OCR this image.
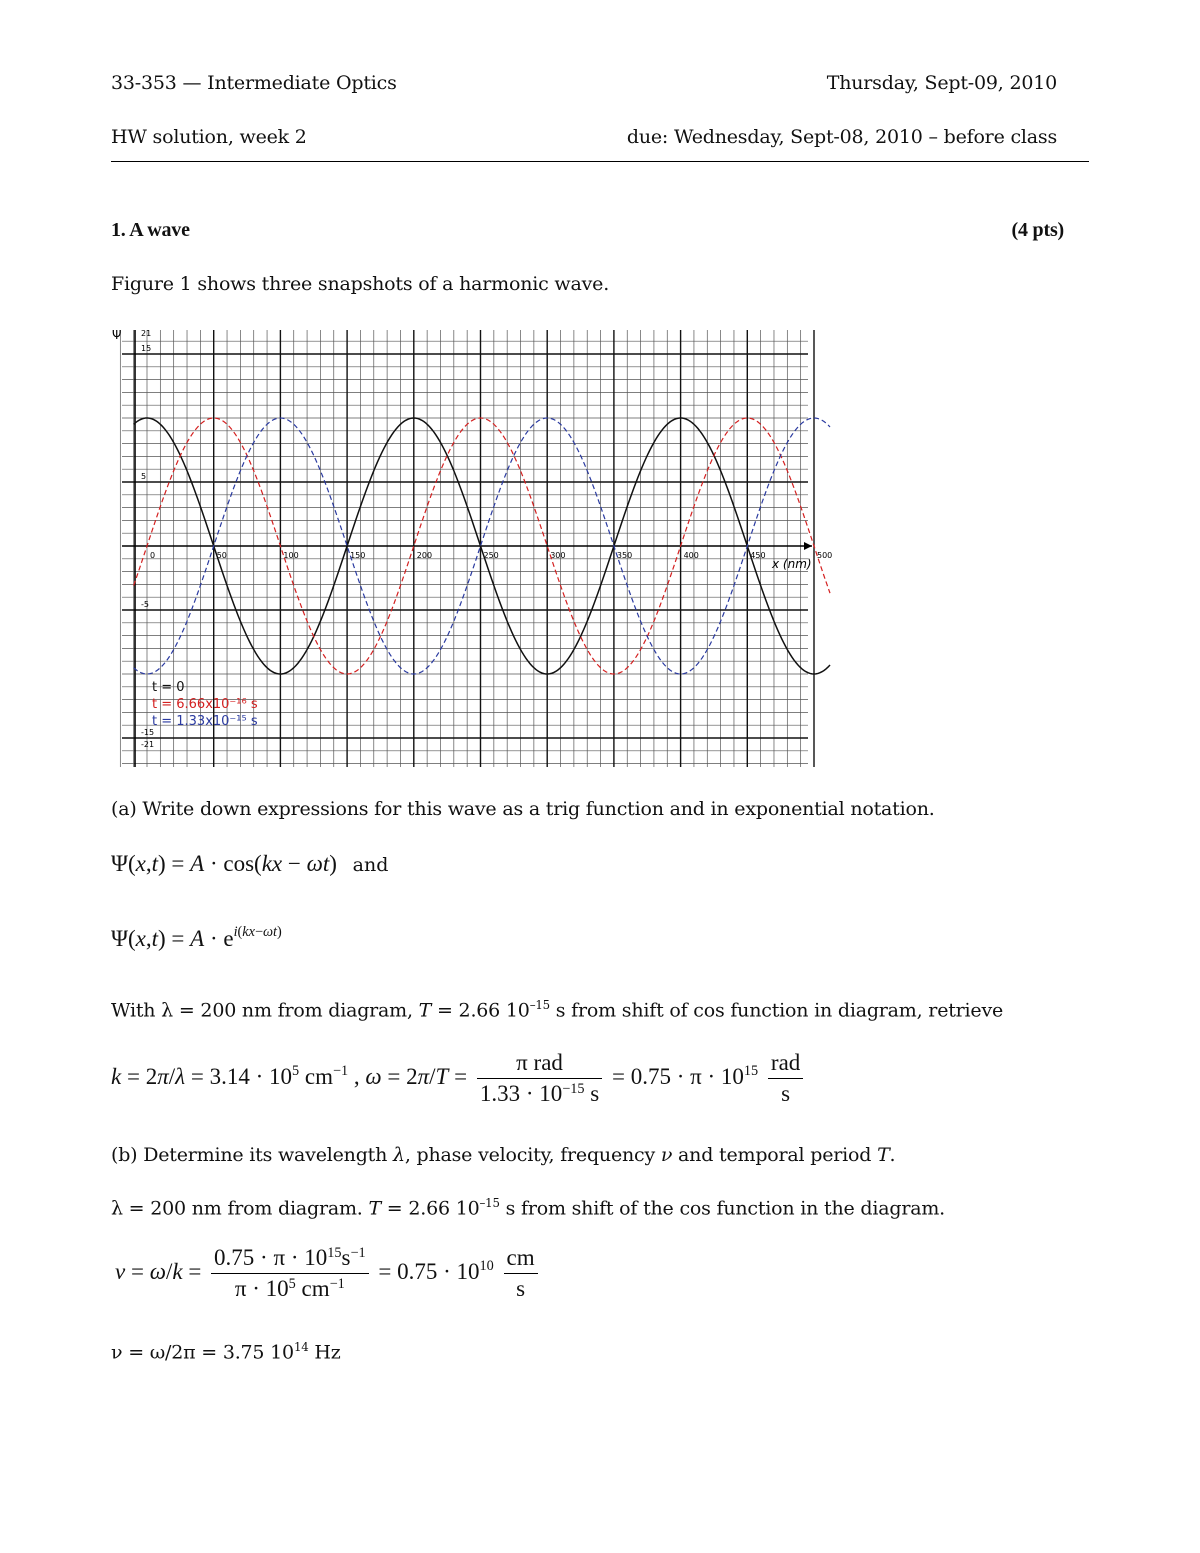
33-353 — Intermediate Optics	Thursday, Sept-09, 2010
HW solution, week 2	due: Wednesday, Sept-08, 2010 – before class
1. A wave	(4 pts)
Figure 1 shows three snapshots of a harmonic wave.
0	50	100	150	200	250	300	350	400	450	500
21
15
5
-5
-15
-21
Ψ
x (nm)
t = 0
t = 6.66x10⁻¹⁶ s
t = 1.33x10⁻¹⁵ s
(a) Write down expressions for this wave as a trig function and in exponential notation.
Ψ(x,t) = A · cos(kx − ωt) and
$\Psi(x,t) = A \cdot e^{i(kx-\omega t)}$
With λ = 200 nm from diagram, T = 2.66 $10^{-15}$ s from shift of cos function in diagram, retrieve
$k = 2\pi/\lambda = 3.14 \cdot 10^5$ $cm^{-1}$ , $\omega = 2\pi/T = \frac{\text{π rad}}{1.33 \cdot 10^{-15} s} = 0.75 \cdot \pi \cdot 10^{15} \frac{\text{rad}}{s}$
(b) Determine its wavelength λ, phase velocity, frequency ν and temporal period T.
λ = 200 nm from diagram. T = 2.66 $10^{-15}$ s from shift of the cos function in the diagram.
$v = \omega/k = \frac{0.75 \cdot \pi \cdot 10^{15}s^{-1}}{\pi \cdot 10^5 cm^{-1}} = 0.75 \cdot 10^{10} \frac{cm}{s}$
ν = ω/2π = 3.75 $10^{14}$ Hz
